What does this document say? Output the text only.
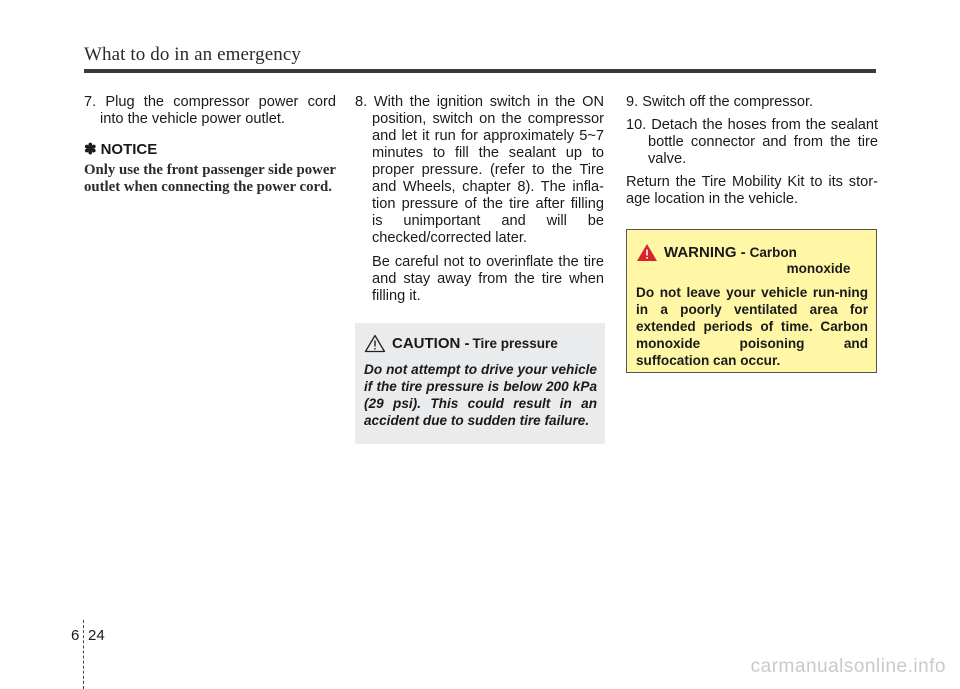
What to do in an emergency

7. Plug the compressor power cord into the vehicle power outlet.

✽ NOTICE
Only use the front passenger side power outlet when connecting the power cord.

8. With the ignition switch in the ON position, switch on the compressor and let it run for approximately 5~7 minutes to fill the sealant up to proper pressure. (refer to the Tire and Wheels, chapter 8). The infla-tion pressure of the tire after filling is unimportant and will be checked/corrected later.

Be careful not to overinflate the tire and stay away from the tire when filling it.

CAUTION - Tire pressure
Do not attempt to drive your vehicle if the tire pressure is below 200 kPa (29 psi). This could result in an accident due to sudden tire failure.

9. Switch off the compressor.

10. Detach the hoses from the sealant bottle connector and from the tire valve.

Return the Tire Mobility Kit to its stor-age location in the vehicle.

WARNING - Carbon
monoxide
Do not leave your vehicle run-ning in a poorly ventilated area for extended periods of time. Carbon monoxide poisoning and suffocation can occur.
6 24
carmanualsonline.info
